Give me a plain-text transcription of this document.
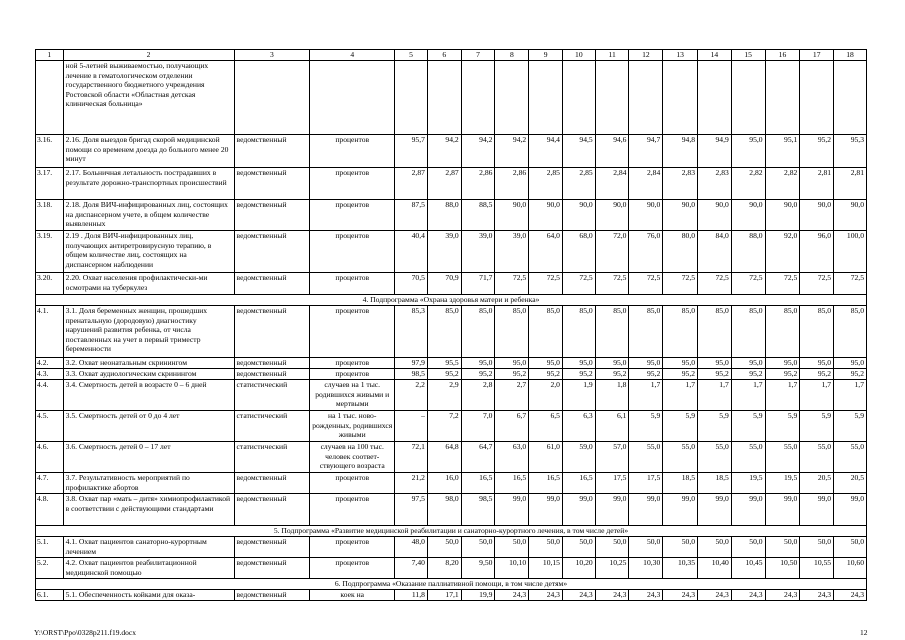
1	2	3	4	5	6	7	8	9	10	11	12	13	14	15	16	17	18
	ной 5-летней выживаемостью, получающих лечение в гематологическом отделении государственного бюджетного учреждения Ростовской области «Областная детская клиническая больница»																
3.16.	2.16. Доля выездов бригад скорой медицинской помощи со временем доезда до больного менее 20 минут	ведомственный	процентов	95,7	94,2	94,2	94,2	94,4	94,5	94,6	94,7	94,8	94,9	95,0	95,1	95,2	95,3
3.17.	2.17. Больничная летальность пострадавших в результате дорожно-транспортных происшествий	ведомственный	процентов	2,87	2,87	2,86	2,86	2,85	2,85	2,84	2,84	2,83	2,83	2,82	2,82	2,81	2,81
3.18.	2.18. Доля ВИЧ-инфицированных лиц, состоящих на диспансерном учете, в общем количестве выявленных	ведомственный	процентов	87,5	88,0	88,5	90,0	90,0	90,0	90,0	90,0	90,0	90,0	90,0	90,0	90,0	90,0
3.19.	2.19 . Доля ВИЧ-инфицированных лиц, получающих антиретровирусную терапию, в общем количестве лиц, состоящих на диспансерном наблюдении	ведомственный	процентов	40,4	39,0	39,0	39,0	64,0	68,0	72,0	76,0	80,0	84,0	88,0	92,0	96,0	100,0
3.20.	2.20. Охват населения профилактически-ми осмотрами на туберкулез	ведомственный	процентов	70,5	70,9	71,7	72,5	72,5	72,5	72,5	72,5	72,5	72,5	72,5	72,5	72,5	72,5
4. Подпрограмма «Охрана здоровья матери и ребенка»																	
4.1.	3.1. Доля беременных женщин, прошедших пренатальную (дородовую) диагностику нарушений развития ребенка, от числа поставленных на учет в первый триместр беременности	ведомственный	процентов	85,3	85,0	85,0	85,0	85,0	85,0	85,0	85,0	85,0	85,0	85,0	85,0	85,0	85,0
4.2.	3.2. Охват неонатальным скринингом	ведомственный	процентов	97,9	95,5	95,0	95,0	95,0	95,0	95,0	95,0	95,0	95,0	95,0	95,0	95,0	95,0
4.3.	3.3. Охват аудиологическим скринингом	ведомственный	процентов	98,5	95,2	95,2	95,2	95,2	95,2	95,2	95,2	95,2	95,2	95,2	95,2	95,2	95,2
4.4.	3.4. Смертность детей в возрасте 0 – 6 дней	статистический	случаев на 1 тыс. родившихся живыми и мертвыми	2,2	2,9	2,8	2,7	2,0	1,9	1,8	1,7	1,7	1,7	1,7	1,7	1,7	1,7
4.5.	3.5. Смертность детей от 0 до 4 лет	статистический	на 1 тыс. ново-рожденных, родившихся живыми	–	7,2	7,0	6,7	6,5	6,3	6,1	5,9	5,9	5,9	5,9	5,9	5,9	5,9
4.6.	3.6. Смертность детей 0 – 17 лет	статистический	случаев на 100 тыс. человек соответ-ствующего возраста	72,1	64,8	64,7	63,0	61,0	59,0	57,0	55,0	55,0	55,0	55,0	55,0	55,0	55,0
4.7.	3.7. Результативность мероприятий по профилактике абортов	ведомственный	процентов	21,2	16,0	16,5	16,5	16,5	16,5	17,5	17,5	18,5	18,5	19,5	19,5	20,5	20,5
4.8.	3.8. Охват пар «мать – дитя» химиопрофилактикой в соответствии с действующими стандартами	ведомственный	процентов	97,5	98,0	98,5	99,0	99,0	99,0	99,0	99,0	99,0	99,0	99,0	99,0	99,0	99,0
5. Подпрограмма «Развитие медицинской реабилитации и санаторно-курортного лечения, в том числе детей»																	
5.1.	4.1. Охват пациентов санаторно-курортным лечением	ведомственный	процентов	48,0	50,0	50,0	50,0	50,0	50,0	50,0	50,0	50,0	50,0	50,0	50,0	50,0	50,0
5.2.	4.2. Охват пациентов реабилитационной медицинской помощью	ведомственный	процентов	7,40	8,20	9,50	10,10	10,15	10,20	10,25	10,30	10,35	10,40	10,45	10,50	10,55	10,60
6. Подпрограмма «Оказание паллиативной помощи, в том числе детям»																	
6.1.	5.1. Обеспеченность койками для оказа-	ведомственный	коек на	11,8	17,1	19,9	24,3	24,3	24,3	24,3	24,3	24,3	24,3	24,3	24,3	24,3	24,3
Y:\ORST\Ppo\0328p211.f19.docx	12
